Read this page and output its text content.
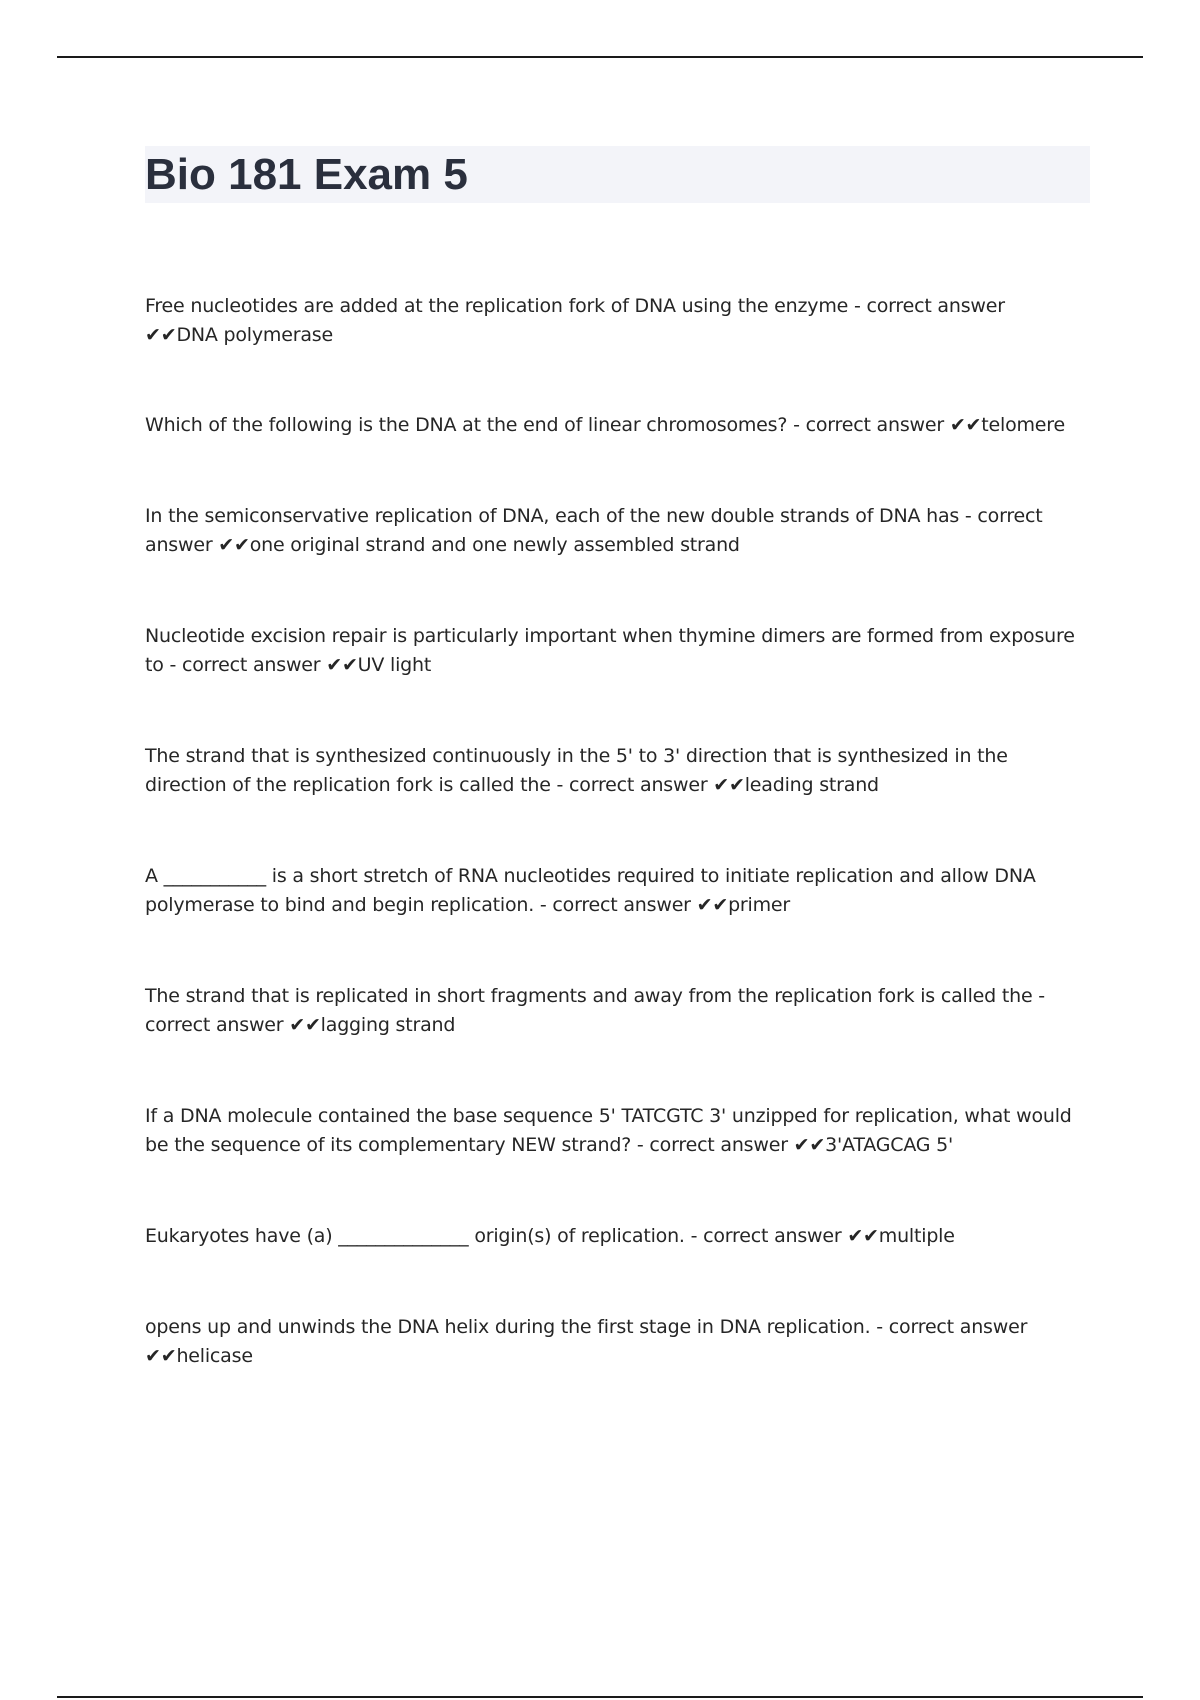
Bio 181 Exam 5

Free nucleotides are added at the replication fork of DNA using the enzyme - correct answer ✔✔DNA polymerase

Which of the following is the DNA at the end of linear chromosomes? - correct answer ✔✔telomere

In the semiconservative replication of DNA, each of the new double strands of DNA has - correct answer ✔✔one original strand and one newly assembled strand

Nucleotide excision repair is particularly important when thymine dimers are formed from exposure to - correct answer ✔✔UV light

The strand that is synthesized continuously in the 5' to 3' direction that is synthesized in the direction of the replication fork is called the - correct answer ✔✔leading strand

A ___________ is a short stretch of RNA nucleotides required to initiate replication and allow DNA polymerase to bind and begin replication. - correct answer ✔✔primer

The strand that is replicated in short fragments and away from the replication fork is called the - correct answer ✔✔lagging strand

If a DNA molecule contained the base sequence 5' TATCGTC 3' unzipped for replication, what would be the sequence of its complementary NEW strand? - correct answer ✔✔3'ATAGCAG 5'

Eukaryotes have (a) ______________ origin(s) of replication. - correct answer ✔✔multiple

opens up and unwinds the DNA helix during the first stage in DNA replication. - correct answer ✔✔helicase
